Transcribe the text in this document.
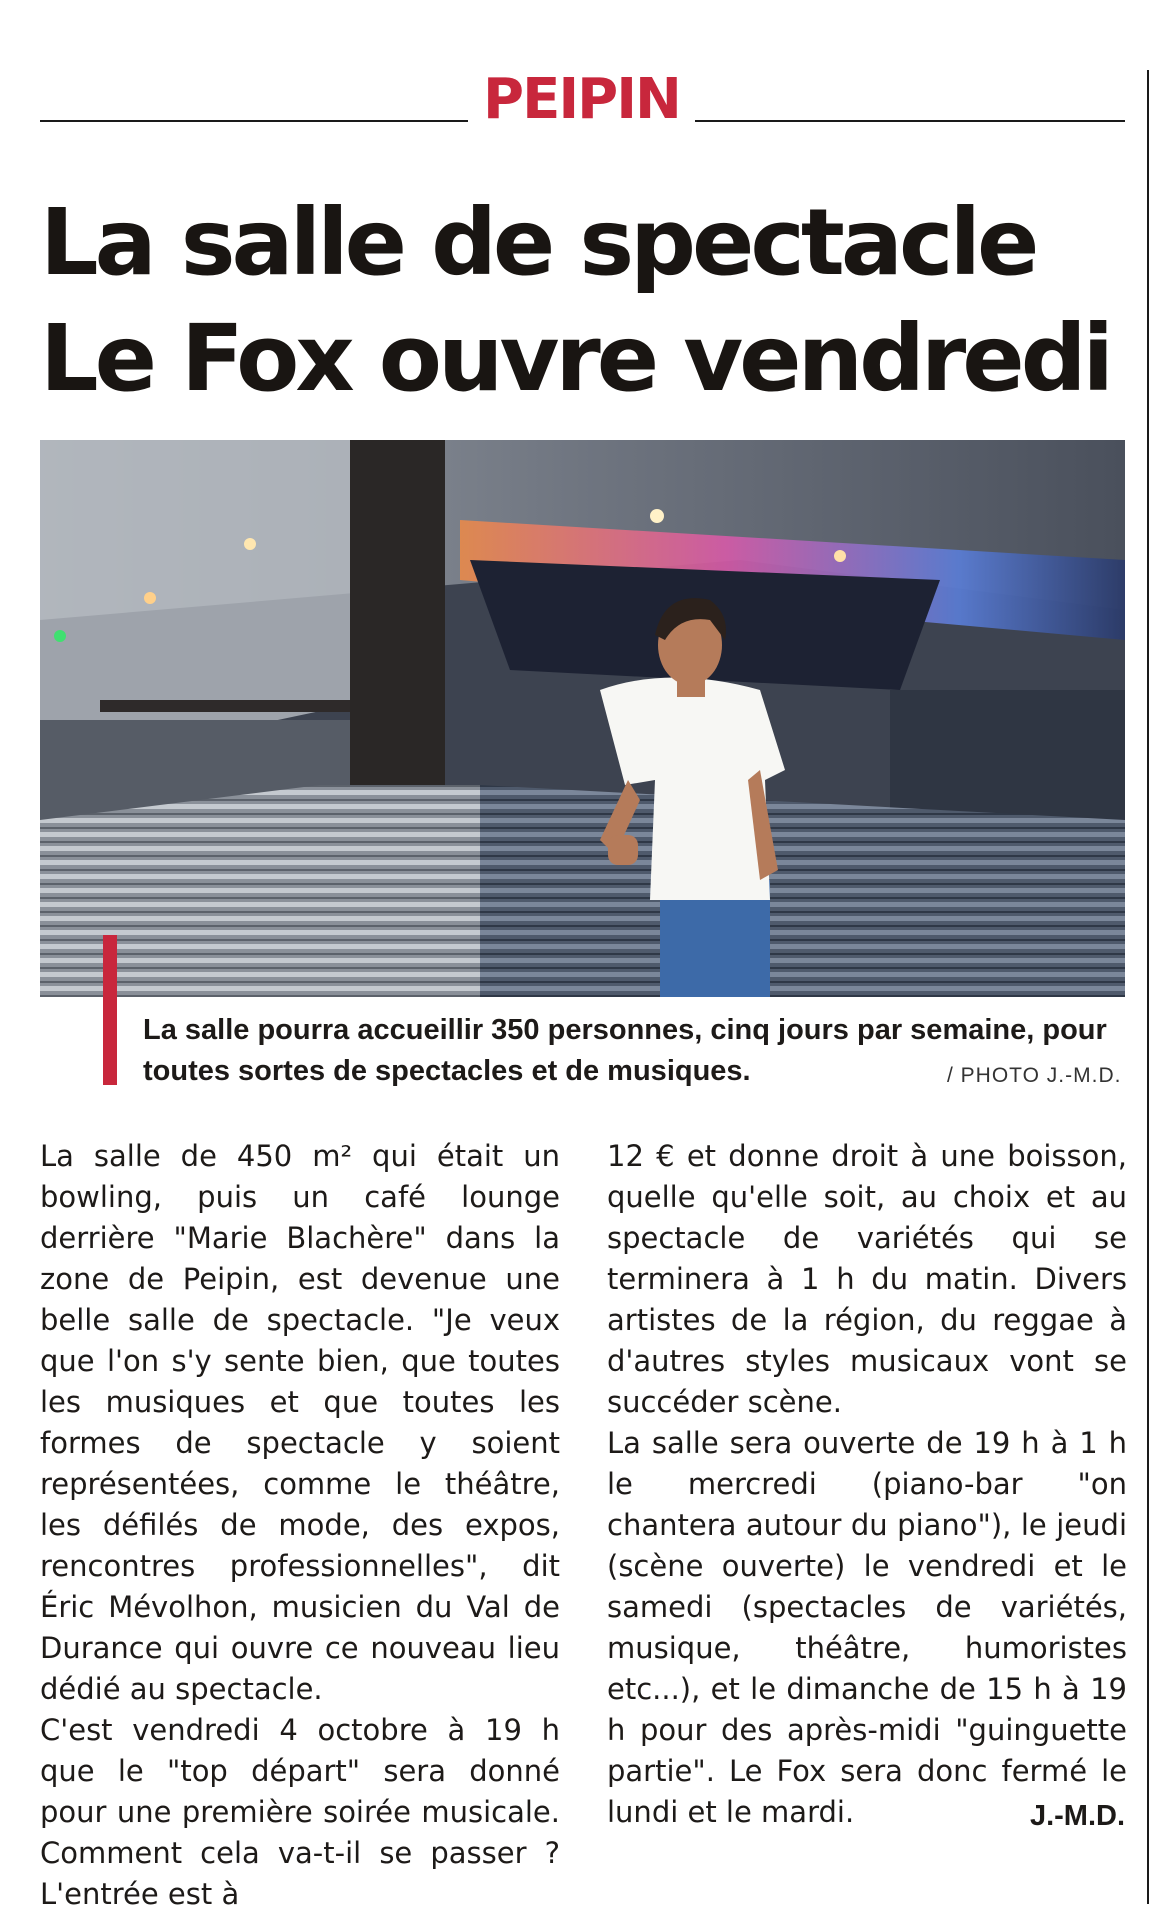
PEIPIN
La salle de spectacle
Le Fox ouvre vendredi
La salle pourra accueillir 350 personnes, cinq jours par semaine, pour toutes sortes de spectacles et de musiques.	/ PHOTO J.-M.D.

La salle de 450 m² qui était un bowling, puis un café lounge derrière "Marie Blachère" dans la zone de Peipin, est devenue une belle salle de spectacle. "Je veux que l'on s'y sente bien, que toutes les musiques et que toutes les formes de spectacle y soient représentées, comme le théâtre, les défilés de mode, des expos, rencontres professionnelles", dit Éric Mévolhon, musicien du Val de Durance qui ouvre ce nouveau lieu dédié au spectacle.

C'est vendredi 4 octobre à 19 h que le "top départ" sera donné pour une première soirée musicale. Comment cela va-t-il se passer ? L'entrée est à

12 € et donne droit à une boisson, quelle qu'elle soit, au choix et au spectacle de variétés qui se terminera à 1 h du matin. Divers artistes de la région, du reggae à d'autres styles musicaux vont se succéder scène.

La salle sera ouverte de 19 h à 1 h le mercredi (piano-bar "on chantera autour du piano"), le jeudi (scène ouverte) le vendredi et le samedi (spectacles de variétés, musique, théâtre, humoristes etc...), et le dimanche de 15 h à 19 h pour des après-midi "guinguette partie". Le Fox sera donc fermé le lundi et le mardi.	J.-M.D.
